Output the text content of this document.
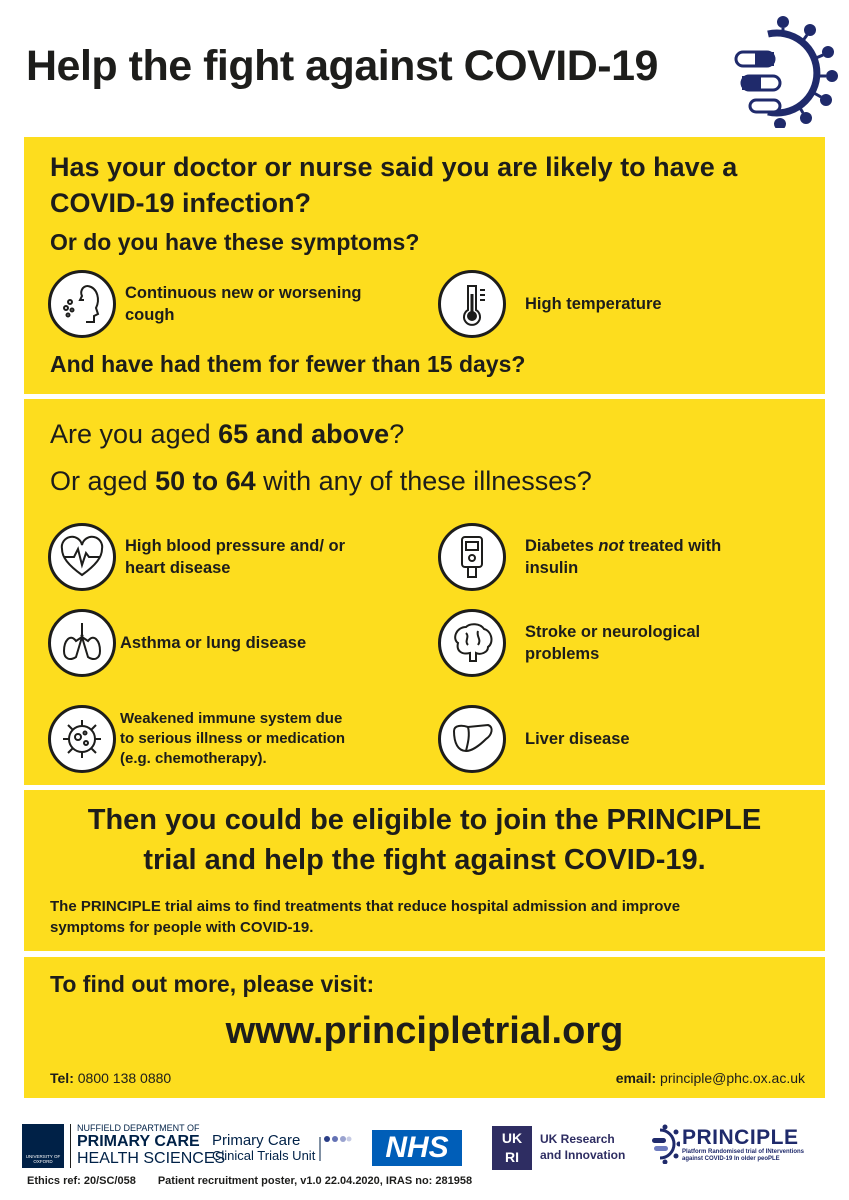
Help the fight against COVID-19
Has your doctor or nurse said you are likely to have a
COVID-19 infection?
Or do you have these symptoms?
Continuous new or worsening
cough
High temperature
And have had them for fewer than 15 days?
Are you aged 65 and above?
Or aged 50 to 64 with any of these illnesses?
High blood pressure and/ or
heart disease
Diabetes not treated with
insulin
Asthma or lung disease
Stroke or neurological
problems
Weakened immune system due
to serious illness or medication
(e.g. chemotherapy).
Liver disease
Then you could be eligible to join the PRINCIPLE
trial and help the fight against COVID-19.
The PRINCIPLE trial aims to find treatments that reduce hospital admission and improve
symptoms for people with COVID-19.
To find out more, please visit:
www.principletrial.org
Tel: 0800 138 0880	email: principle@phc.ox.ac.uk
UNIVERSITY OF OXFORD
NUFFIELD DEPARTMENT OF
PRIMARY CARE
HEALTH SCIENCES
Primary Care
Clinical Trials Unit NHS	UKRI
UK Research
and Innovation
PRINCIPLE
Platform Randomised trial of INterventions
against COVID-19 In older peoPLE
Ethics ref: 20/SC/058 Patient recruitment poster, v1.0 22.04.2020, IRAS no: 281958
